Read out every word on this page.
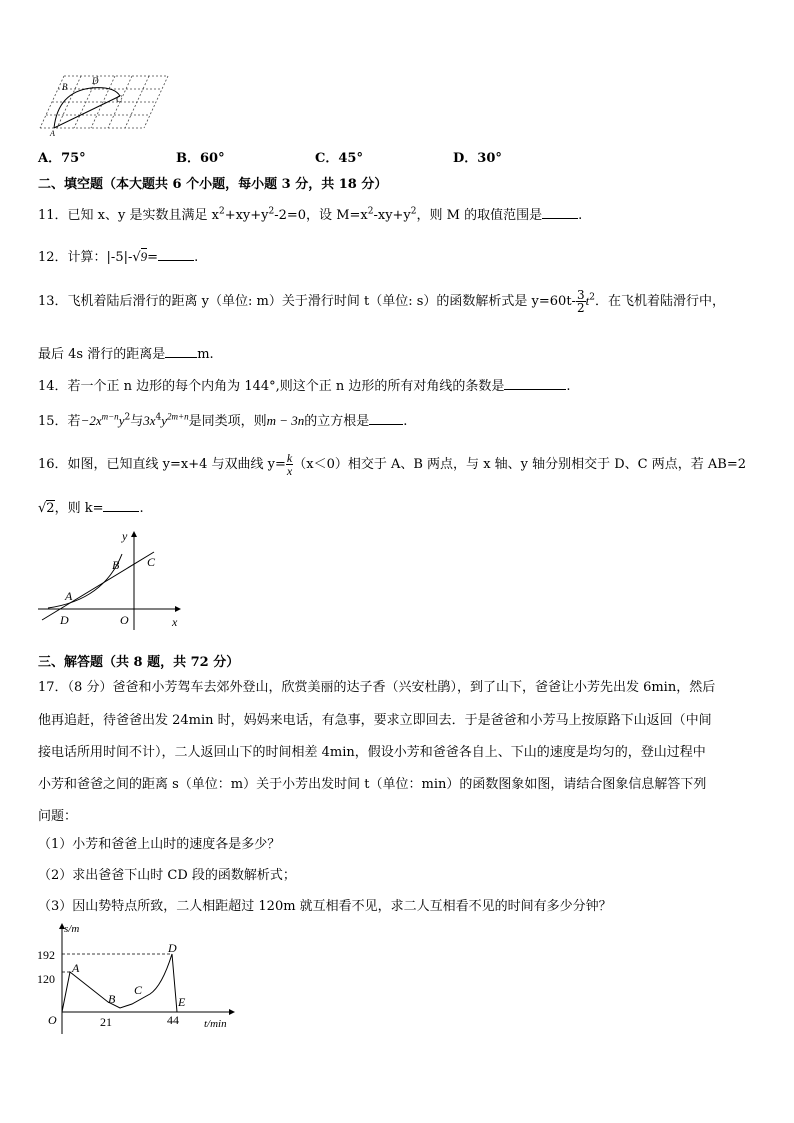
B
D
C
A
A．75°	B．60°	C．45°	D．30°
二、填空题（本大题共 6 个小题，每小题 3 分，共 18 分）
11．已知 x、y 是实数且满足 $x^2+xy+y^2-2=0$，设 $M=x^2-xy+y^2$，则 M 的取值范围是	.
12．计算：|-5|-√9=	.
13．飞机着陆后滑行的距离 y（单位: m）关于滑行时间 t（单位: s）的函数解析式是 $y=60t- \frac{3}{2} t^2$．在飞机着陆滑行中，
最后 4s 滑行的距离是 m.
14．若一个正 n 边形的每个内角为 144°,则这个正 n 边形的所有对角线的条数是	.
15．若$-2x^{m-n}y^2$与$3x^4y^{2m+n}$是同类项，则m − 3n的立方根是	.
16．如图，已知直线 y=x+4 与双曲线 $y= \frac{k}{x} (x<0)$相交于 A、B 两点，与 x 轴、y 轴分别相交于 D、C 两点，若 AB=2
√2，则 k=	.
y
x
O
A
B C
D
三、解答题（共 8 题，共 72 分）
17．（8 分）爸爸和小芳驾车去郊外登山，欣赏美丽的达子香（兴安杜鹃），到了山下，爸爸让小芳先出发 6min，然后
他再追赶，待爸爸出发 24min 时，妈妈来电话，有急事，要求立即回去．于是爸爸和小芳马上按原路下山返回（中间
接电话所用时间不计），二人返回山下的时间相差 4min，假设小芳和爸爸各自上、下山的速度是均匀的，登山过程中
小芳和爸爸之间的距离 s（单位：m）关于小芳出发时间 t（单位：min）的函数图象如图，请结合图象信息解答下列
问题：
（1）小芳和爸爸上山时的速度各是多少？
（2）求出爸爸下山时 CD 段的函数解析式；
（3）因山势特点所致，二人相距超过 120m 就互相看不见，求二人互相看不见的时间有多少分钟？
s/m
t/min
192
120
21	44
O
A
B
C
D
E
